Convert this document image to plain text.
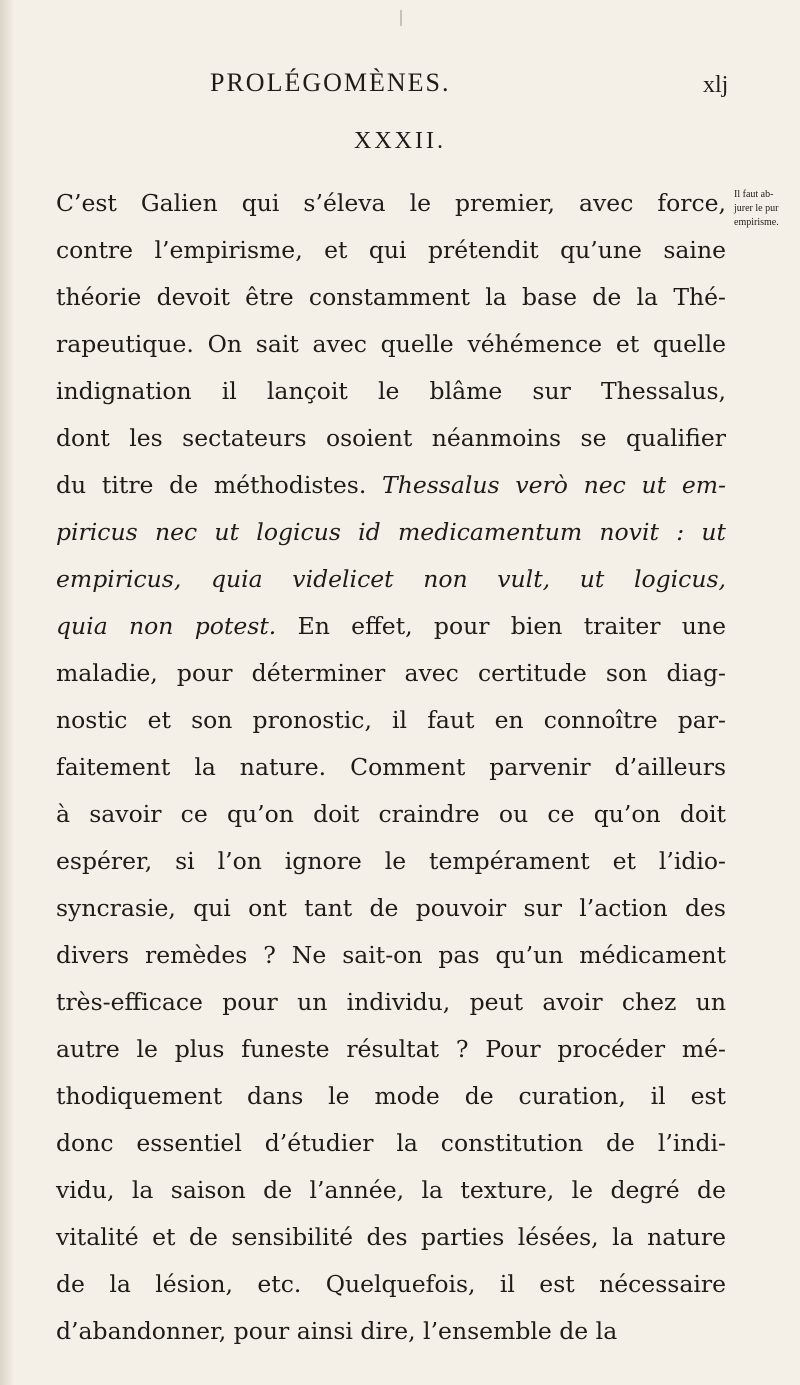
PROLÉGOMÈNES.	xlj
XXXII.
C’est Galien qui s’éleva le premier, avec force,
contre l’empirisme, et qui prétendit qu’une saine
théorie devoit être constamment la base de la Thé-
rapeutique. On sait avec quelle véhémence et quelle
indignation il lançoit le blâme sur Thessalus,
dont les sectateurs osoient néanmoins se qualifier
du titre de méthodistes. Thessalus verò nec ut em-
piricus nec ut logicus id medicamentum novit : ut
empiricus, quia videlicet non vult, ut logicus,
quia non potest. En effet, pour bien traiter une
maladie, pour déterminer avec certitude son diag-
nostic et son pronostic, il faut en connoître par-
faitement la nature. Comment parvenir d’ailleurs
à savoir ce qu’on doit craindre ou ce qu’on doit
espérer, si l’on ignore le tempérament et l’idio-
syncrasie, qui ont tant de pouvoir sur l’action des
divers remèdes ? Ne sait-on pas qu’un médicament
très-efficace pour un individu, peut avoir chez un
autre le plus funeste résultat ? Pour procéder mé-
thodiquement dans le mode de curation, il est
donc essentiel d’étudier la constitution de l’indi-
vidu, la saison de l’année, la texture, le degré de
vitalité et de sensibilité des parties lésées, la nature
de la lésion, etc. Quelquefois, il est nécessaire
d’abandonner, pour ainsi dire, l’ensemble de la
Il faut ab-
jurer le pur
empirisme.
